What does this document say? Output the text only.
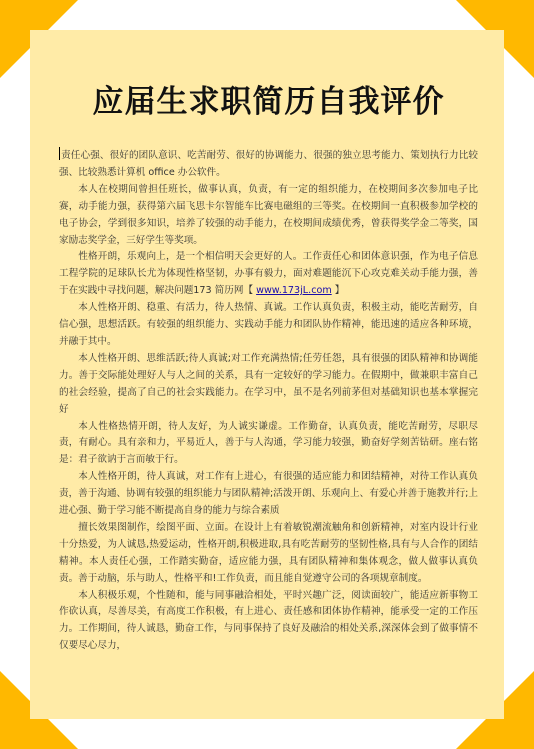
应届生求职简历自我评价

责任心强、很好的团队意识、吃苦耐劳、很好的协调能力、很强的独立思考能力、策划执行力比较强、比较熟悉计算机 office 办公软件。

本人在校期间曾担任班长，做事认真，负责，有一定的组织能力，在校期间多次参加电子比赛，动手能力强，获得第六届飞思卡尔智能车比赛电磁组的三等奖。在校期间一直积极参加学校的电子协会，学到很多知识，培养了较强的动手能力，在校期间成绩优秀，曾获得奖学金二等奖，国家励志奖学金，三好学生等奖项。

性格开朗，乐观向上，是一个相信明天会更好的人。工作责任心和团体意识强，作为电子信息工程学院的足球队长尤为体现性格坚韧，办事有毅力，面对难题能沉下心攻克难关动手能力强，善于在实践中寻找问题，解决问题173 简历网【 www.173jL.com 】

本人性格开朗、稳重、有活力，待人热情、真诚。工作认真负责，积极主动，能吃苦耐劳，自信心强，思想活跃。有较强的组织能力、实践动手能力和团队协作精神，能迅速的适应各种环境，并融于其中。

本人性格开朗、思维活跃;待人真诚;对工作充满热情;任劳任怨，具有很强的团队精神和协调能力。善于交际能处理好人与人之间的关系，具有一定较好的学习能力。在假期中，做兼职丰富自己的社会经验，提高了自己的社会实践能力。在学习中，虽不是名列前茅但对基础知识也基本掌握完好

本人性格热情开朗，待人友好，为人诚实谦虚。工作勤奋，认真负责，能吃苦耐劳，尽职尽责，有耐心。具有亲和力，平易近人，善于与人沟通，学习能力较强，勤奋好学刻苦钻研。座右铭是：君子欲讷于言而敏于行。

本人性格开朗，待人真诚，对工作有上进心，有很强的适应能力和团结精神，对待工作认真负责，善于沟通、协调有较强的组织能力与团队精神;活泼开朗、乐观向上、有爱心并善于施教并行;上进心强、勤于学习能不断提高自身的能力与综合素质

擅长效果图制作，绘图平面、立面。在设计上有着敏锐潮流触角和创新精神，对室内设计行业十分热爱，为人诚恳,热爱运动，性格开朗,积极进取,具有吃苦耐劳的坚韧性格,具有与人合作的团结精神。本人责任心强，工作踏实勤奋，适应能力强，具有团队精神和集体观念，做人做事认真负责。善于动脑，乐与助人，性格平和!工作负责，而且能自觉遵守公司的各项规章制度。

本人积极乐观，个性随和，能与同事融洽相处，平时兴趣广泛，阅读面较广，能适应新事物工作砍认真，尽善尽美，有高度工作积极，有上进心、责任感和团体协作精神，能承受一定的工作压力。工作期间，待人诚恳，勤奋工作，与同事保持了良好及融洽的相处关系,深深体会到了做事情不仅要尽心尽力，
